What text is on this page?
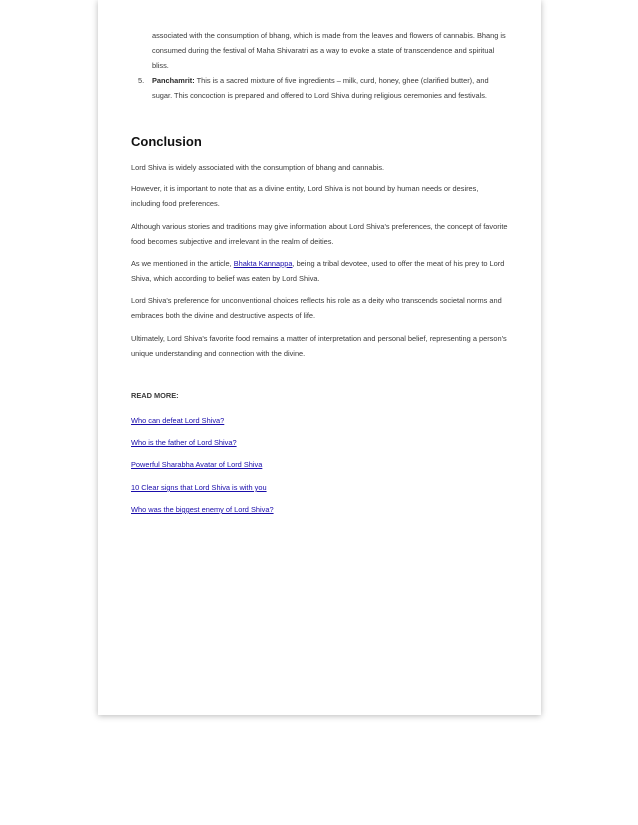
associated with the consumption of bhang, which is made from the leaves and flowers of cannabis. Bhang is consumed during the festival of Maha Shivaratri as a way to evoke a state of transcendence and spiritual bliss.
5. Panchamrit: This is a sacred mixture of five ingredients – milk, curd, honey, ghee (clarified butter), and sugar. This concoction is prepared and offered to Lord Shiva during religious ceremonies and festivals.
Conclusion

Lord Shiva is widely associated with the consumption of bhang and cannabis.

However, it is important to note that as a divine entity, Lord Shiva is not bound by human needs or desires, including food preferences.

Although various stories and traditions may give information about Lord Shiva's preferences, the concept of favorite food becomes subjective and irrelevant in the realm of deities.

As we mentioned in the article, Bhakta Kannappa, being a tribal devotee, used to offer the meat of his prey to Lord Shiva, which according to belief was eaten by Lord Shiva.

Lord Shiva's preference for unconventional choices reflects his role as a deity who transcends societal norms and embraces both the divine and destructive aspects of life.

Ultimately, Lord Shiva's favorite food remains a matter of interpretation and personal belief, representing a person's unique understanding and connection with the divine.

READ MORE:
Who can defeat Lord Shiva?
Who is the father of Lord Shiva?
Powerful Sharabha Avatar of Lord Shiva
10 Clear signs that Lord Shiva is with you
Who was the biggest enemy of Lord Shiva?
